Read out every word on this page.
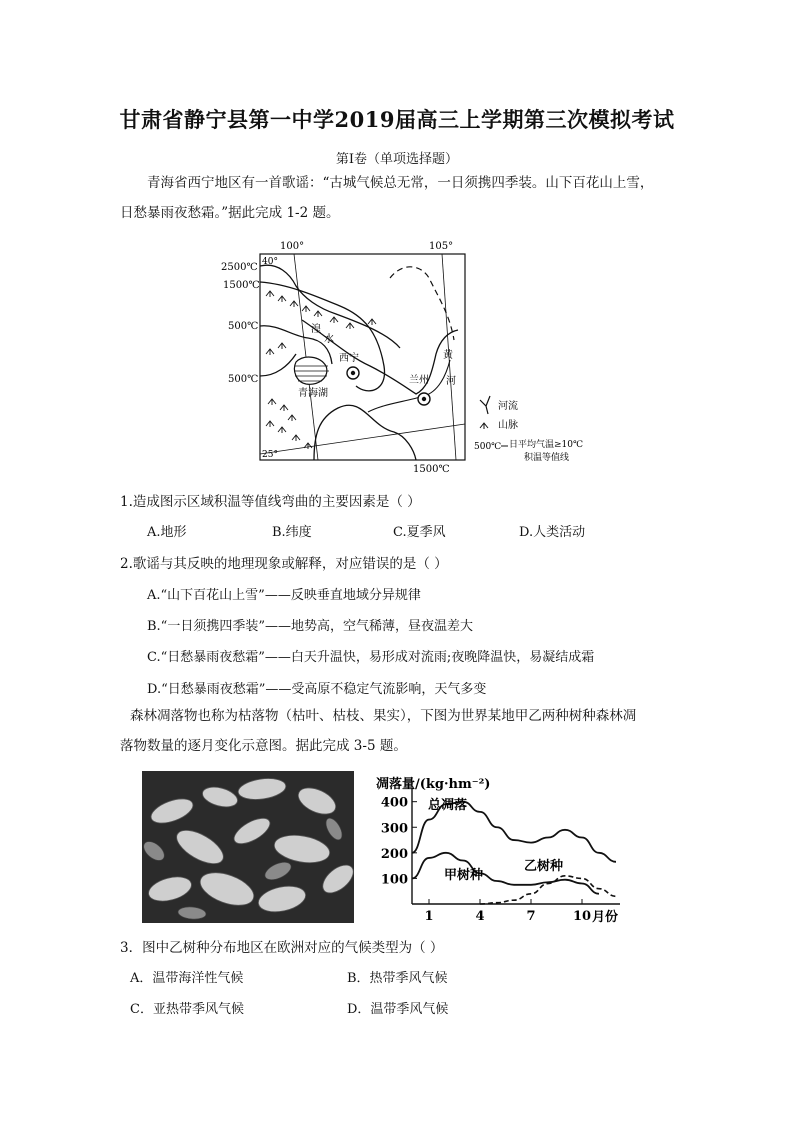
甘肃省静宁县第一中学2019届高三上学期第三次模拟考试
第Ⅰ卷（单项选择题）
青海省西宁地区有一首歌谣：“古城气候总无常，一日须携四季装。山下百花山上雪，
日愁暴雨夜愁霜。”据此完成 1-2 题。
100°	105°
40°
25°
2500℃
1500℃
500℃
500℃
1500℃
湟
水
西宁
兰州
青海湖
黄
河
河流
山脉
500℃ 日平均气温≥10℃
积温等值线
1.造成图示区域积温等值线弯曲的主要因素是（ ）
A.地形	B.纬度	C.夏季风	D.人类活动
2.歌谣与其反映的地理现象或解释，对应错误的是（ ）
A.“山下百花山上雪”——反映垂直地域分异规律
B.“一日须携四季装”——地势高，空气稀薄，昼夜温差大
C.“日愁暴雨夜愁霜”——白天升温快，易形成对流雨;夜晚降温快，易凝结成霜
D.“日愁暴雨夜愁霜”——受高原不稳定气流影响，天气多变
森林凋落物也称为枯落物（枯叶、枯枝、果实），下图为世界某地甲乙两种树种森林凋
落物数量的逐月变化示意图。据此完成 3-5 题。
凋落量/(kg·hm⁻²)
100
200
300
400
1	4	7	10 月份
总凋落
甲树种
乙树种
3．图中乙树种分布地区在欧洲对应的气候类型为（ ）
A．温带海洋性气候	B．热带季风气候
C．亚热带季风气候	D．温带季风气候
